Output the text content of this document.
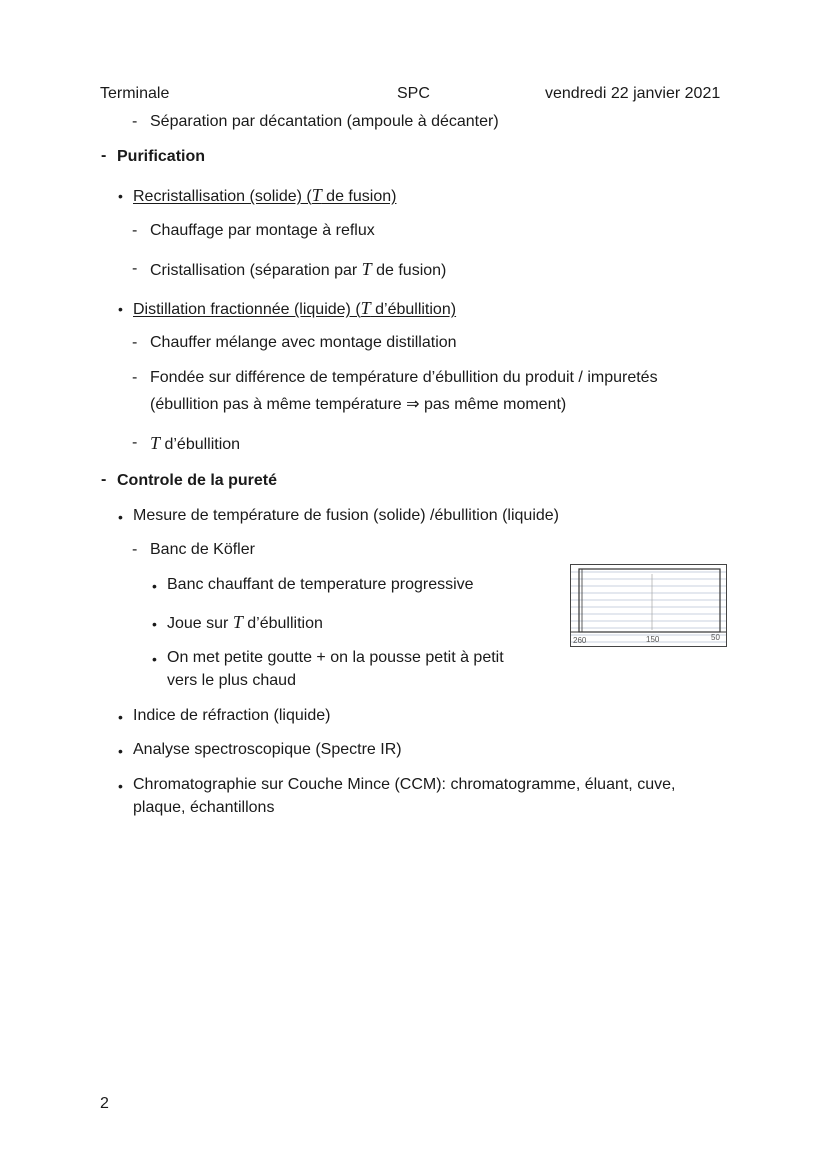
Terminale	SPC	vendredi 22 janvier 2021
- Séparation par décantation (ampoule à décanter)
- Purification
• Recristallisation (solide) (T de fusion)
- Chauffage par montage à reflux
- Cristallisation (séparation par T de fusion)
• Distillation fractionnée (liquide) (T d’ébullition)
- Chauffer mélange avec montage distillation
- Fondée sur différence de température d’ébullition du produit / impuretés
(ébullition pas à même température ⇒ pas même moment)
- T d’ébullition
- Controle de la pureté
• Mesure de température de fusion (solide) /ébullition (liquide)
- Banc de Köfler
• Banc chauffant de temperature progressive
• Joue sur T d’ébullition
• On met petite goutte + on la pousse petit à petit
vers le plus chaud
260	150	50
• Indice de réfraction (liquide)
• Analyse spectroscopique (Spectre IR)
• Chromatographie sur Couche Mince (CCM): chromatogramme, éluant, cuve,
plaque, échantillons
2
